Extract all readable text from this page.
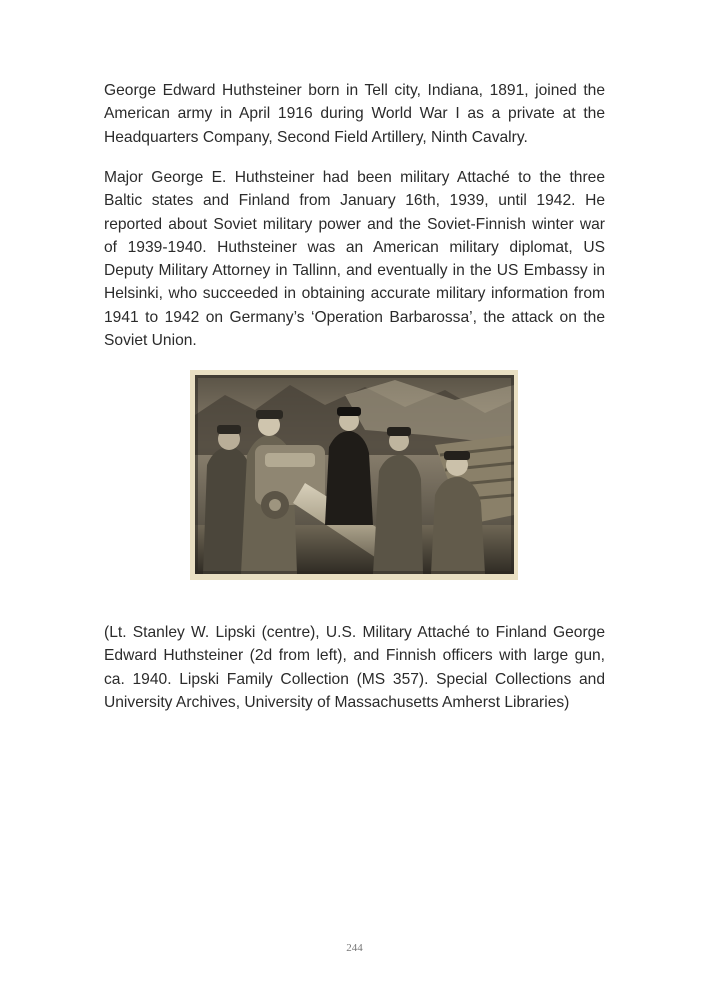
George Edward Huthsteiner born in Tell city, Indiana, 1891, joined the American army in April 1916 during World War I as a private at the Headquarters Company, Second Field Artillery, Ninth Cavalry.

Major George E. Huthsteiner had been military Attaché to the three Baltic states and Finland from January 16th, 1939, until 1942. He reported about Soviet military power and the Soviet-Finnish winter war of 1939-1940. Huthsteiner was an American military diplomat, US Deputy Military Attorney in Tallinn, and eventually in the US Embassy in Helsinki, who succeeded in obtaining accurate military information from 1941 to 1942 on Germany’s ‘Operation Barbarossa’, the attack on the Soviet Union.

(Lt. Stanley W. Lipski (centre), U.S. Military Attaché to Finland George Edward Huthsteiner (2d from left), and Finnish officers with large gun, ca. 1940. Lipski Family Collection (MS 357). Special Collections and University Archives, University of Massachusetts Amherst Libraries)

244
